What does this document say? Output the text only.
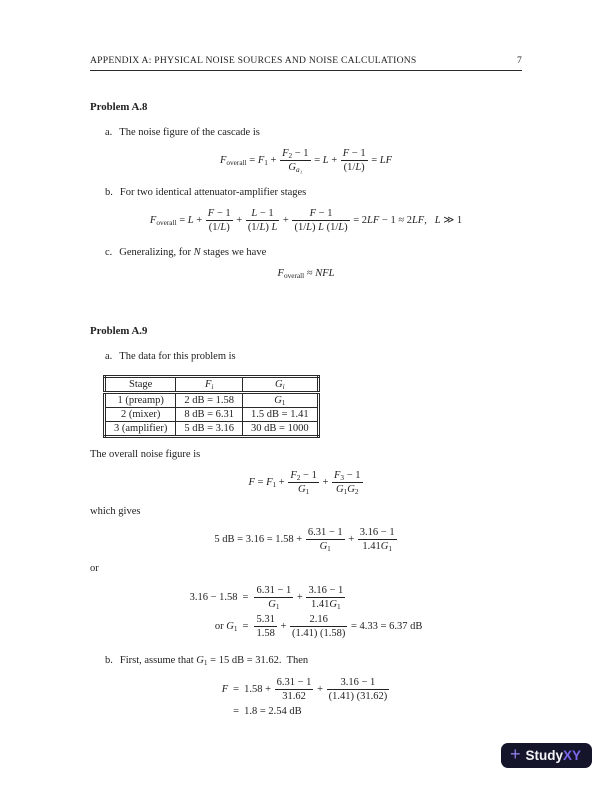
APPENDIX A: PHYSICAL NOISE SOURCES AND NOISE CALCULATIONS	7
Problem A.8
a. The noise figure of the cascade is
$F_{overall} = F_1 + \frac{F_2 - 1}{G_{a_1}} = L + \frac{F - 1}{(1/L)}$ = LF
b. For two identical attenuator-amplifier stages
$F_{overall} = L + \frac{F - 1}{(1/L)} + \frac{L - 1}{(1/L) L} + \frac{F - 1}{(1/L) L (1/L)} = 2LF - 1 \approx 2LF$,   L ≫ 1
c. Generalizing, for N stages we have
$F_{overall}$ ≈ NFL
Problem A.9
a. The data for this problem is
Stage	$F_i$	$G_i$
1 (preamp)	2 dB = 1.58	$G_1$
2 (mixer)	8 dB = 6.31	1.5 dB = 1.41
3 (amplifier)	5 dB = 3.16	30 dB = 1000
The overall noise figure is
$F = F_1 + \frac{F_2 - 1}{G_1} + \frac{F_3 - 1}{G_1G_2}$
which gives
5 dB = $3.16 = 1.58 + \frac{6.31 - 1}{G_1} + \frac{3.16 - 1}{1.41G_1}$
or
3.16 − 1.58	=	$\frac{6.31 - 1}{G_1} + \frac{3.16 - 1}{1.41G_1}$

or $G_1$	=	$\frac{5.31}{1.58} + \frac{2.16}{(1.41) (1.58)} = 4.33 = 6.37$ dB
b. First, assume that $G_1 = 15$ dB = 31.62.  Then
F	=	$1.58 + \frac{6.31 - 1}{31.62} + \frac{3.16 - 1}{(1.41) (31.62)}$

	=	1.8 = 2.54 dB
+ Study XY
